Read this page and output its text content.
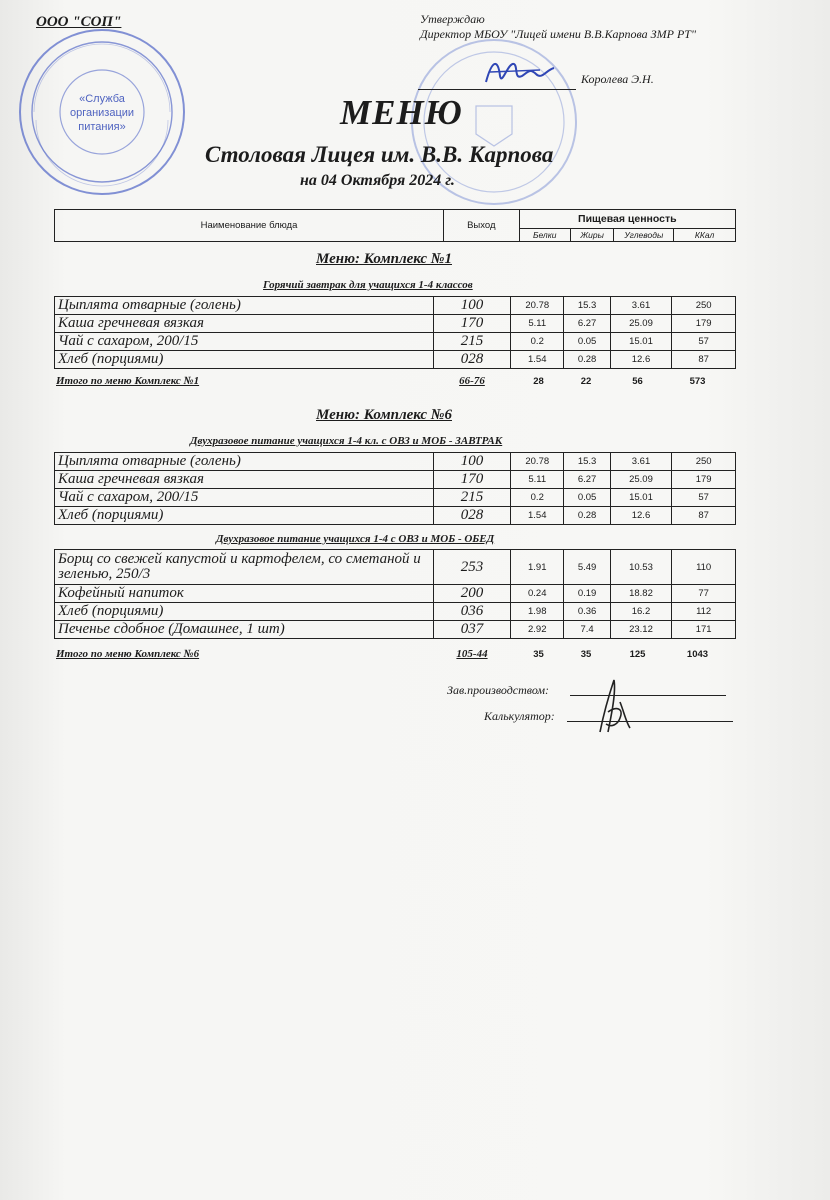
«Служба
организации
питания»
ООО "СОП"	Утверждаю
Директор МБОУ "Лицей имени В.В.Карпова ЗМР РТ"
Королева Э.Н.
МЕНЮ
Столовая Лицея им. В.В. Карпова
на 04 Октября 2024 г.
Наименование блюда	Выход	Пищевая ценность			
		Белки	Жиры	Углеводы	ККал
Меню: Комплекс №1
Горячий завтрак для учащихся 1-4 классов
Цыплята отварные (голень)	100	20.78	15.3	3.61	250
Каша гречневая вязкая	170	5.11	6.27	25.09	179
Чай с сахаром, 200/15	215	0.2	0.05	15.01	57
Хлеб (порциями)	028	1.54	0.28	12.6	87
Итого по меню Комплекс №1	66-76	28	22	56	573
Меню: Комплекс №6
Двухразовое питание учащихся 1-4 кл. с ОВЗ и МОБ - ЗАВТРАК
Цыплята отварные (голень)	100	20.78	15.3	3.61	250
Каша гречневая вязкая	170	5.11	6.27	25.09	179
Чай с сахаром, 200/15	215	0.2	0.05	15.01	57
Хлеб (порциями)	028	1.54	0.28	12.6	87
Двухразовое питание учащихся 1-4 с ОВЗ и МОБ - ОБЕД
Борщ со свежей капустой и картофелем, со сметаной и зеленью, 250/3	253	1.91	5.49	10.53	110
Кофейный напиток	200	0.24	0.19	18.82	77
Хлеб (порциями)	036	1.98	0.36	16.2	112
Печенье сдобное (Домашнее, 1 шт)	037	2.92	7.4	23.12	171
Итого по меню Комплекс №6	105-44	35	35	125	1043
Зав.производством:
Калькулятор:
